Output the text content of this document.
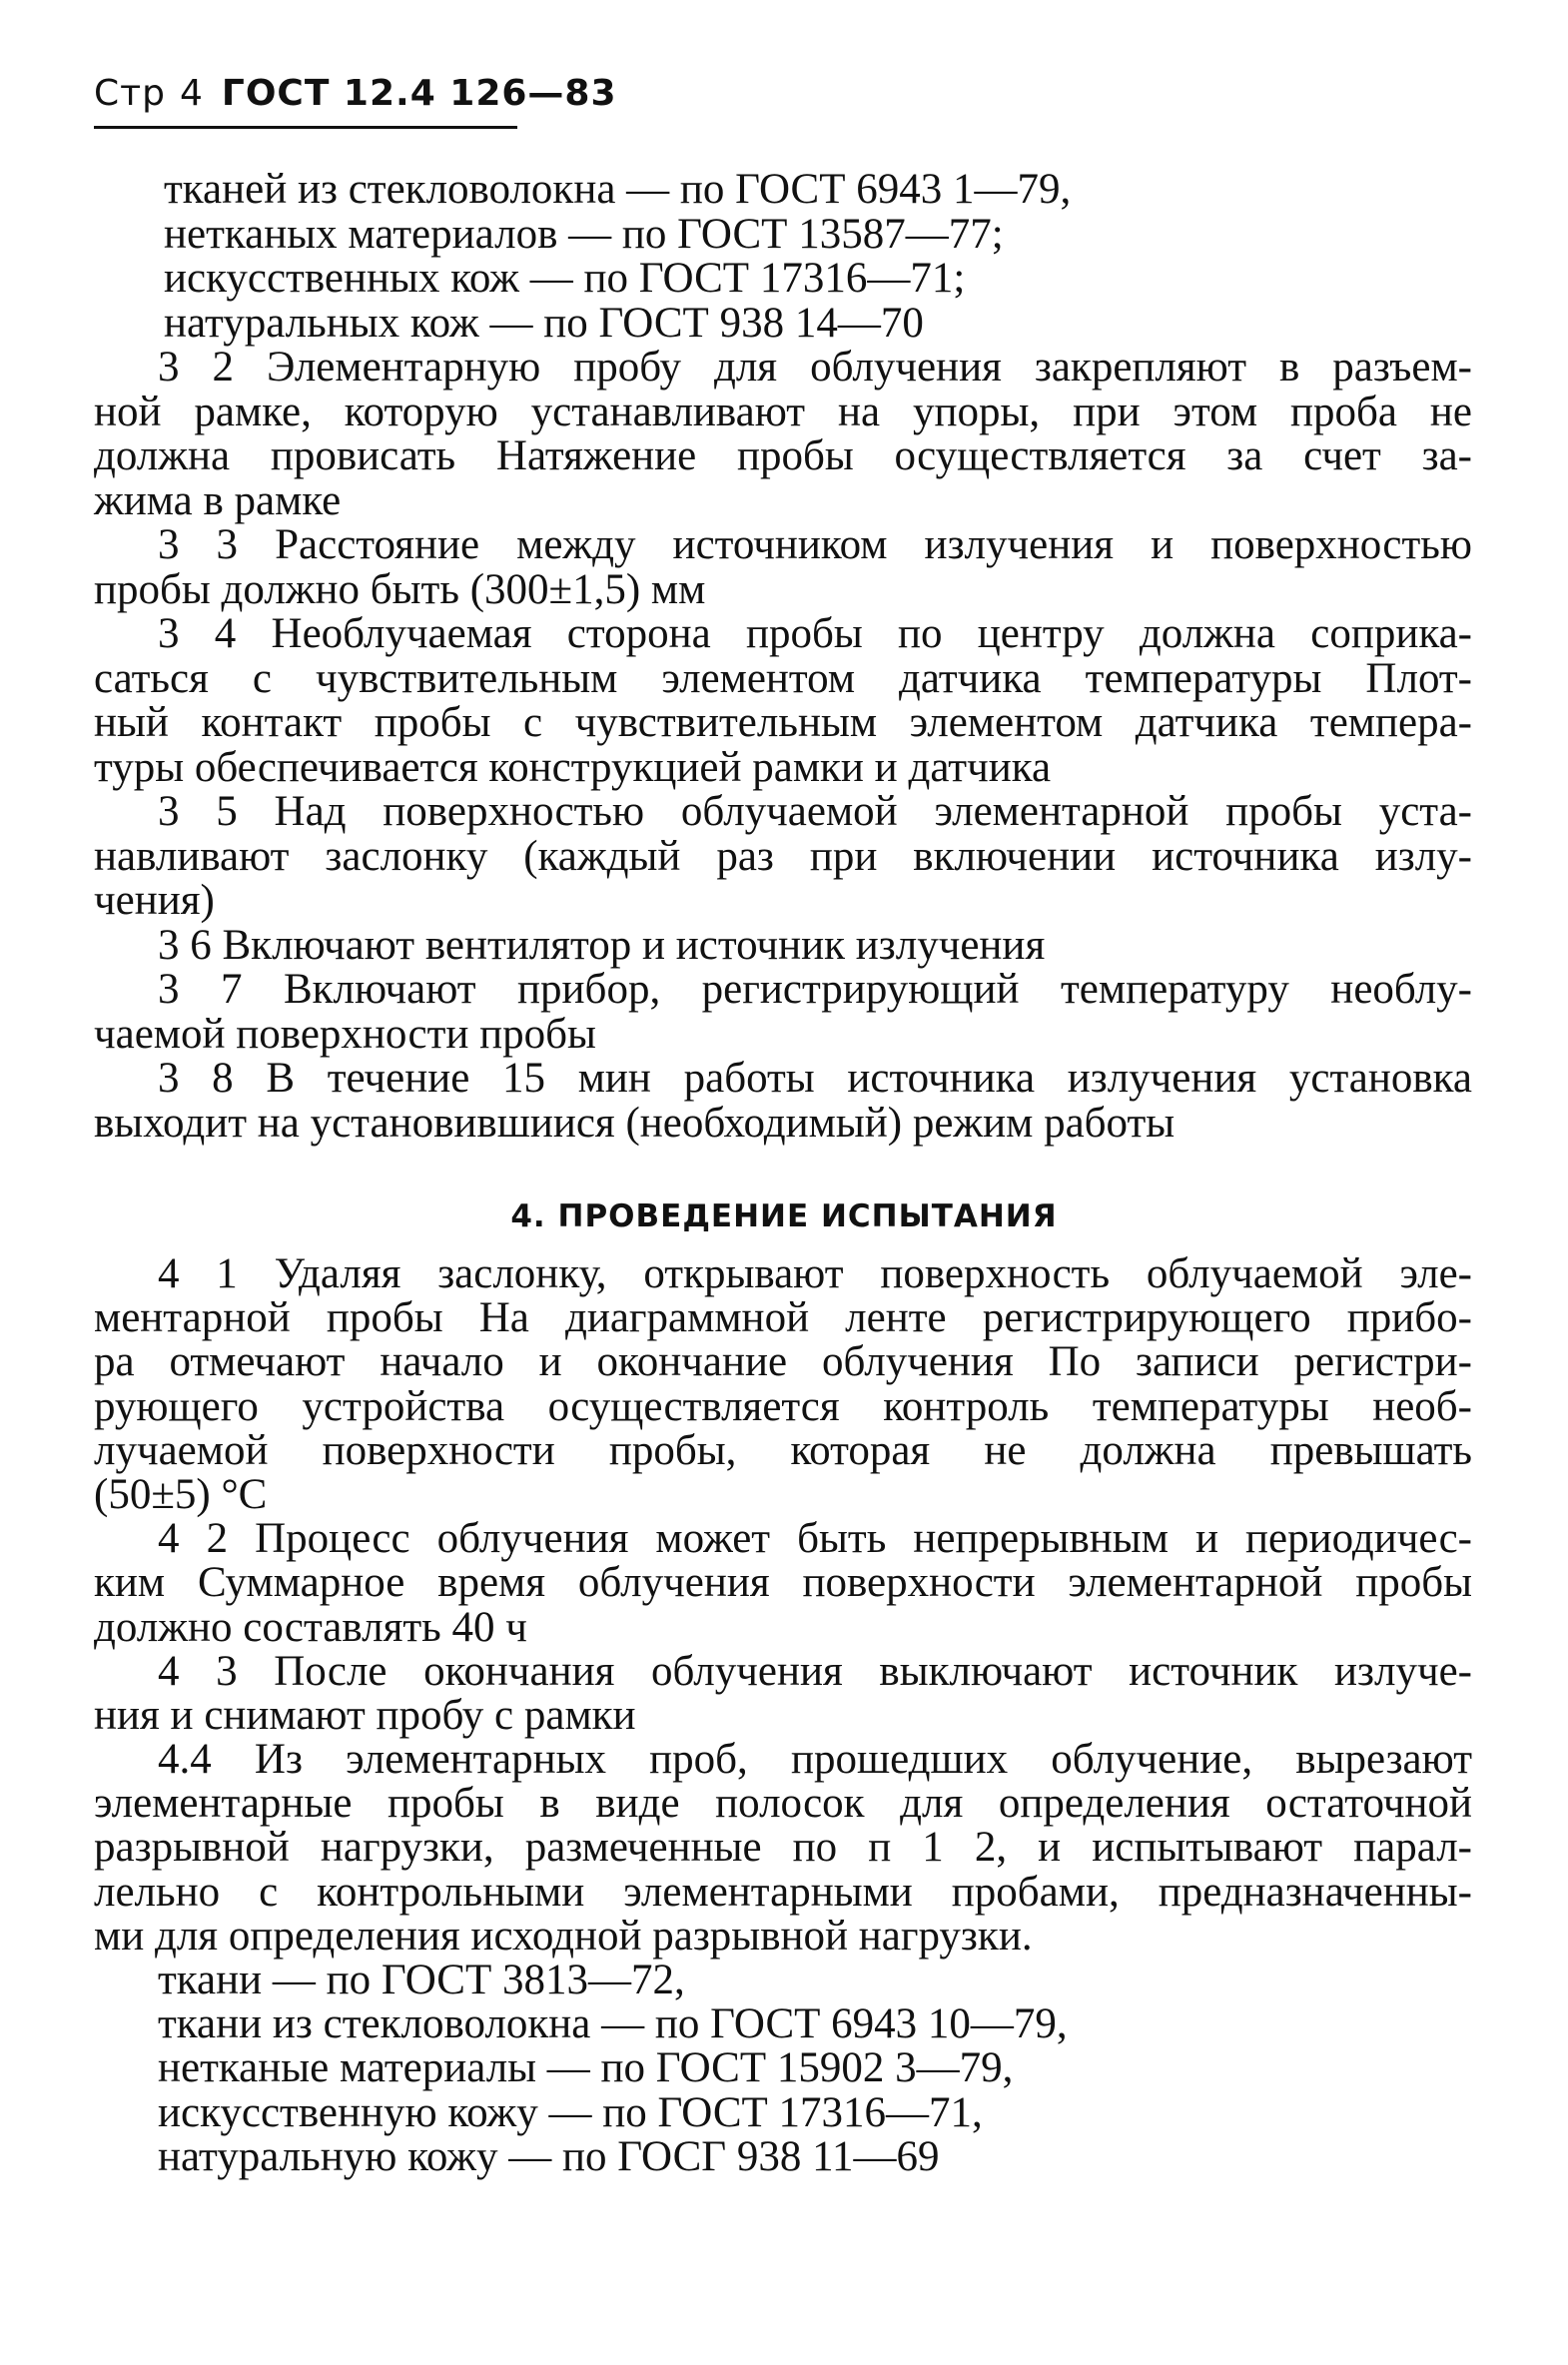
Стр 4 ГОСТ 12.4 126—83
тканей из стекловолокна — по ГОСТ 6943 1—79,
нетканых материалов — по ГОСТ 13587—77;
искусственных кож — по ГОСТ 17316—71;
натуральных кож — по ГОСТ 938 14—70
3 2 Элементарную пробу для облучения закрепляют в разъем-
ной рамке, которую устанавливают на упоры, при этом проба не
должна провисать Натяжение пробы осуществляется за счет за-
жима в рамке
3 3 Расстояние между источником излучения и поверхностью
пробы должно быть (300±1,5) мм
3 4 Необлучаемая сторона пробы по центру должна соприка-
саться с чувствительным элементом датчика температуры Плот-
ный контакт пробы с чувствительным элементом датчика темпера-
туры обеспечивается конструкцией рамки и датчика
3 5 Над поверхностью облучаемой элементарной пробы уста-
навливают заслонку (каждый раз при включении источника излу-
чения)
3 6 Включают вентилятор и источник излучения
3 7 Включают прибор, регистрирующий температуру необлу-
чаемой поверхности пробы
3 8 В течение 15 мин работы источника излучения установка
выходит на установившиися (необходимый) режим работы
4. ПРОВЕДЕНИЕ ИСПЫТАНИЯ
4 1 Удаляя заслонку, открывают поверхность облучаемой эле-
ментарной пробы На диаграммной ленте регистрирующего прибо-
ра отмечают начало и окончание облучения По записи регистри-
рующего устройства осуществляется контроль температуры необ-
лучаемой поверхности пробы, которая не должна превышать
(50±5) °С
4 2 Процесс облучения может быть непрерывным и периодичес-
ким Суммарное время облучения поверхности элементарной пробы
должно составлять 40 ч
4 3 После окончания облучения выключают источник излуче-
ния и снимают пробу с рамки
4.4 Из элементарных проб, прошедших облучение, вырезают
элементарные пробы в виде полосок для определения остаточной
разрывной нагрузки, размеченные по п 1 2, и испытывают парал-
лельно с контрольными элементарными пробами, предназначенны-
ми для определения исходной разрывной нагрузки.
ткани — по ГОСТ 3813—72,
ткани из стекловолокна — по ГОСТ 6943 10—79,
нетканые материалы — по ГОСТ 15902 3—79,
искусственную кожу — по ГОСТ 17316—71,
натуральную кожу — по ГОСГ 938 11—69
